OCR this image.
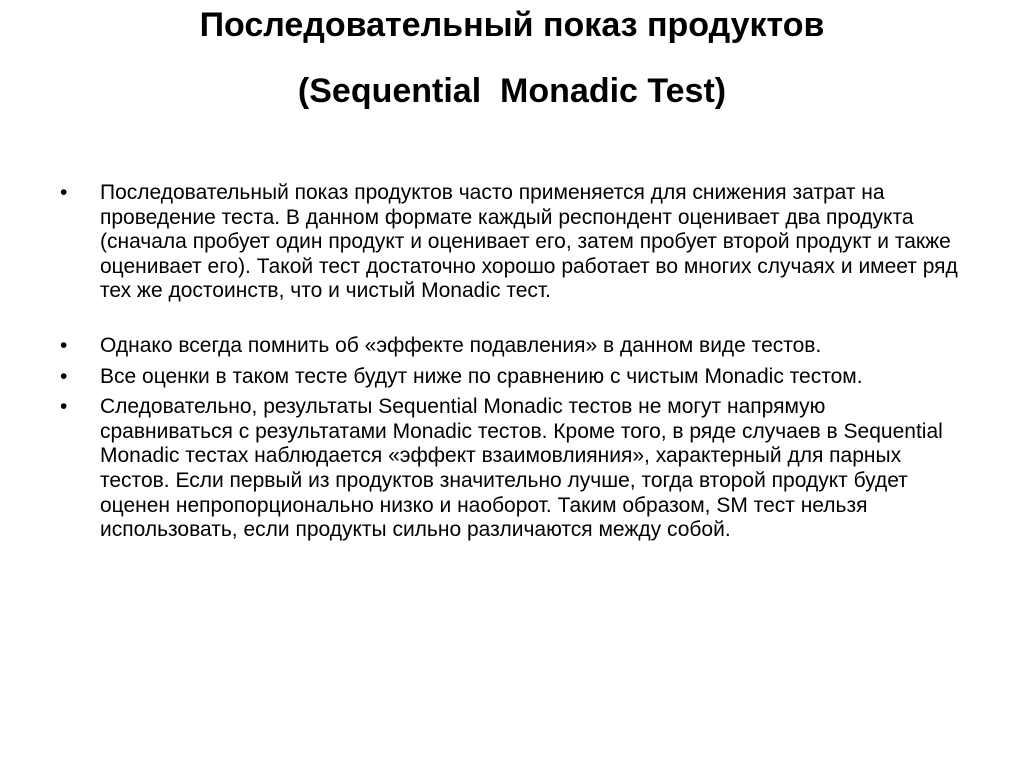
Последовательный показ продуктов

(Sequential  Monadic Test)

•	Последовательный показ продуктов часто применяется для снижения затрат на проведение теста. В данном формате каждый респондент оценивает два продукта (сначала пробует один продукт и оценивает его, затем пробует второй продукт и также оценивает его). Такой тест достаточно хорошо работает во многих случаях и имеет ряд тех же достоинств, что и чистый Monadic тест.
•	Однако всегда помнить об «эффекте подавления» в данном виде тестов.
•	Все оценки в таком тесте будут ниже по сравнению с чистым Monadic тестом.
•	Следовательно, результаты Sequential Monadic тестов не могут напрямую сравниваться с результатами Monadic тестов. Кроме того, в ряде случаев в Sequential Monadic тестах наблюдается «эффект взаимовлияния», характерный для парных тестов. Если первый из продуктов значительно лучше, тогда второй продукт будет оценен непропорционально низко и наоборот. Таким образом, SM тест нельзя использовать, если продукты сильно различаются между собой.
